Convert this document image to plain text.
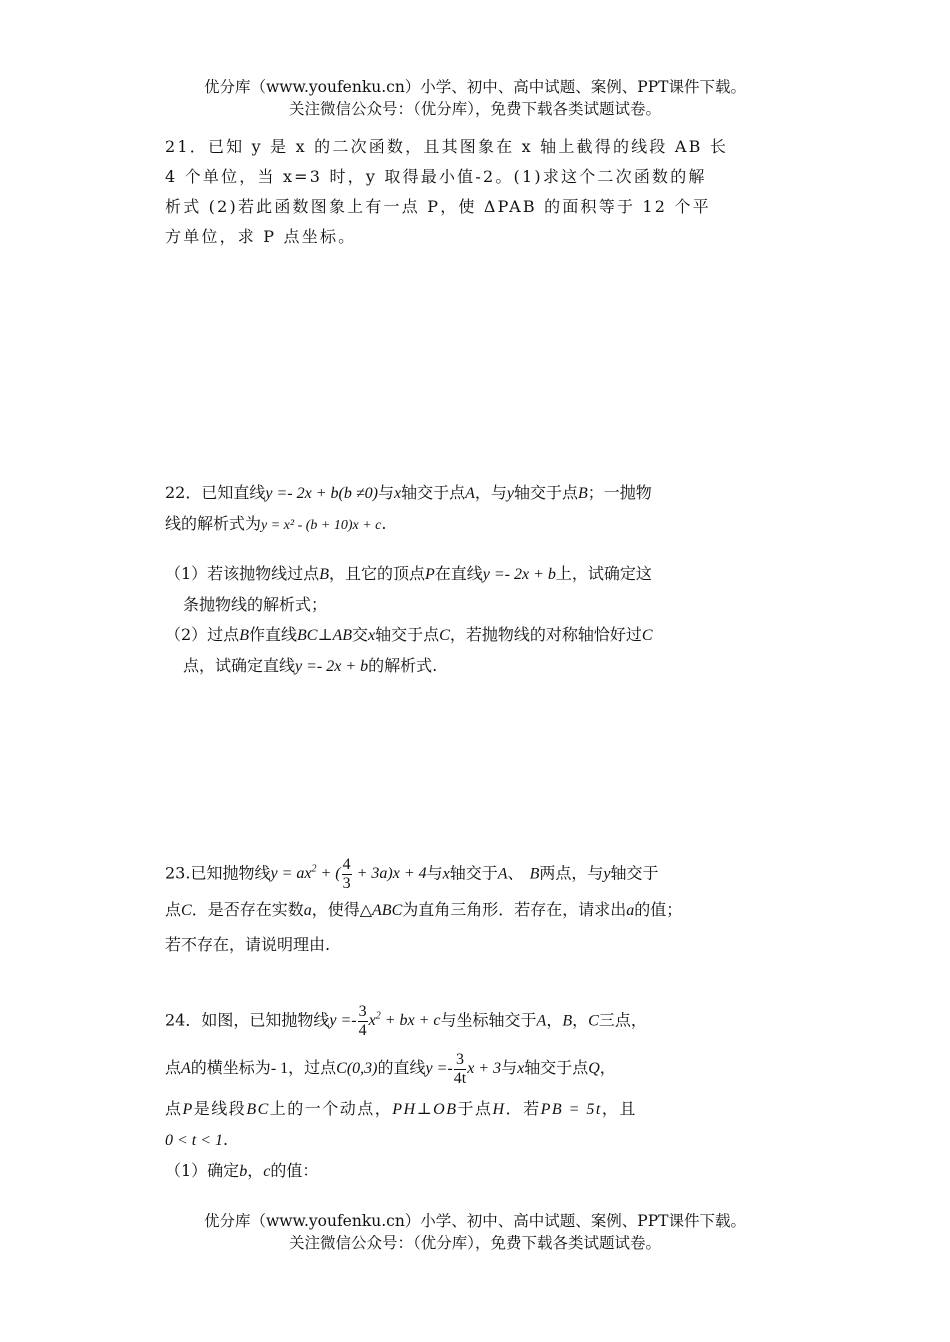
优分库（www.youfenku.cn）小学、初中、高中试题、案例、PPT课件下载。

关注微信公众号：（优分库），免费下载各类试题试卷。

21．已知 y 是 x 的二次函数，且其图象在 x 轴上截得的线段 AB 长

4 个单位，当 x=3 时，y 取得最小值-2。(1)求这个二次函数的解

析式 (2)若此函数图象上有一点 P，使 ΔPAB 的面积等于 12 个平

方单位，求 P 点坐标。

22．已知直线y =- 2x + b(b ≠0)与x轴交于点A，与y轴交于点B；一抛物

线的解析式为y = x² - (b + 10)x + c.

（1）若该抛物线过点B，且它的顶点P在直线y =- 2x + b上，试确定这

条抛物线的解析式；

（2）过点B作直线BC⊥AB交x轴交于点C，若抛物线的对称轴恰好过C

点，试确定直线y =- 2x + b的解析式.

23.已知抛物线$y = ax^2$ + ( $\frac{4}{3} + 3a)x + 4$与x轴交于A、 B两点，与y轴交于

点C．是否存在实数a，使得△ABC为直角三角形．若存在，请求出a的值；

若不存在，请说明理由.

24．如图，已知抛物线$y =- \frac{3}{4} x^2$ + bx + c与坐标轴交于A，B，C三点，

点A的横坐标为- 1，过点C(0,3)的直线$y =- \frac{3}{4t}$ x + 3与x轴交于点Q，

点P是线段BC上的一个动点，PH⊥OB于点H．若PB = 5t，且

0 < t < 1.

（1）确定b，c的值：

优分库（www.youfenku.cn）小学、初中、高中试题、案例、PPT课件下载。

关注微信公众号：（优分库），免费下载各类试题试卷。
